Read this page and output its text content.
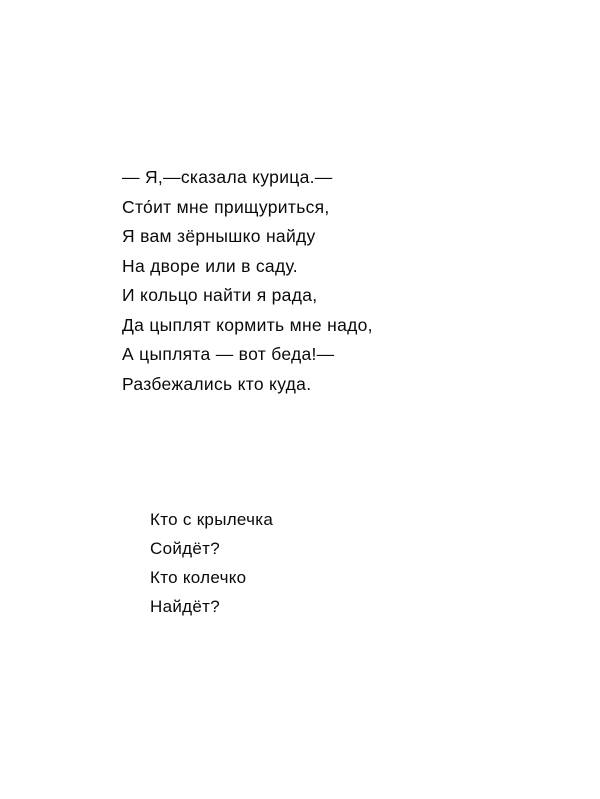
— Я,—сказала курица.—
Сто́ит мне прищуриться,
Я вам зёрнышко найду
На дворе или в саду.
И кольцо найти я рада,
Да цыплят кормить мне надо,
А цыплята — вот беда!—
Разбежались кто куда.
Кто с крылечка
Сойдёт?
Кто колечко
Найдёт?
